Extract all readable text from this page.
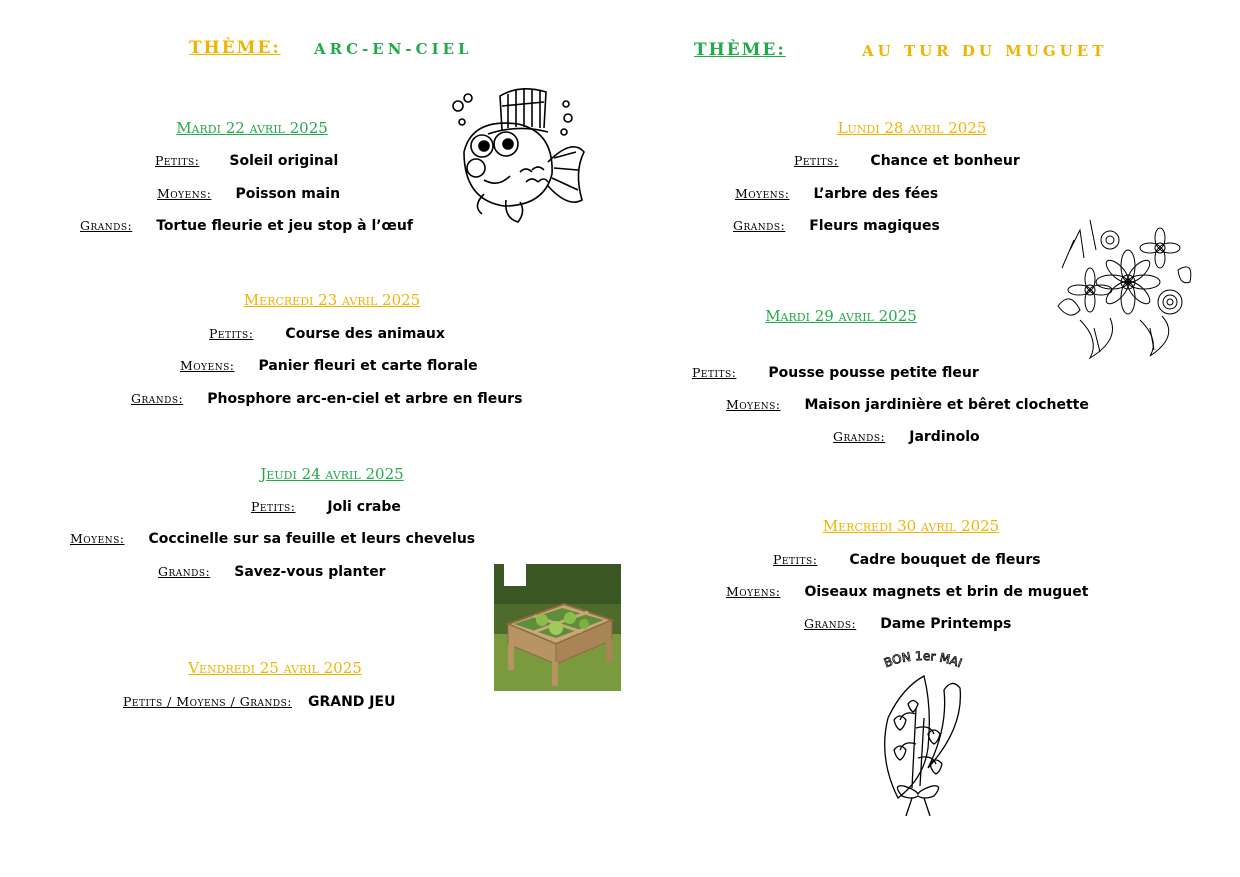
THÈME: ARC-EN-CIEL	THÈME:	AU TUR DU MUGUET
Mardi 22 avril 2025
Petits: Soleil original
Moyens: Poisson main
Grands: Tortue fleurie et jeu stop à l’œuf
Mercredi 23 avril 2025
Petits: Course des animaux
Moyens: Panier fleuri et carte florale
Grands: Phosphore arc-en-ciel et arbre en fleurs
Jeudi 24 avril 2025
Petits: Joli crabe
Moyens: Coccinelle sur sa feuille et leurs chevelus
Grands: Savez-vous planter
Vendredi 25 avril 2025
Petits / Moyens / Grands: GRAND JEU
Lundi 28 avril 2025
Petits: Chance et bonheur
Moyens: L’arbre des fées
Grands: Fleurs magiques
Mardi 29 avril 2025
Petits: Pousse pousse petite fleur
Moyens: Maison jardinière et bêret clochette
Grands: Jardinolo
Mercredi 30 avril 2025
Petits: Cadre bouquet de fleurs
Moyens: Oiseaux magnets et brin de muguet
Grands: Dame Printemps
BON 1er MAI
